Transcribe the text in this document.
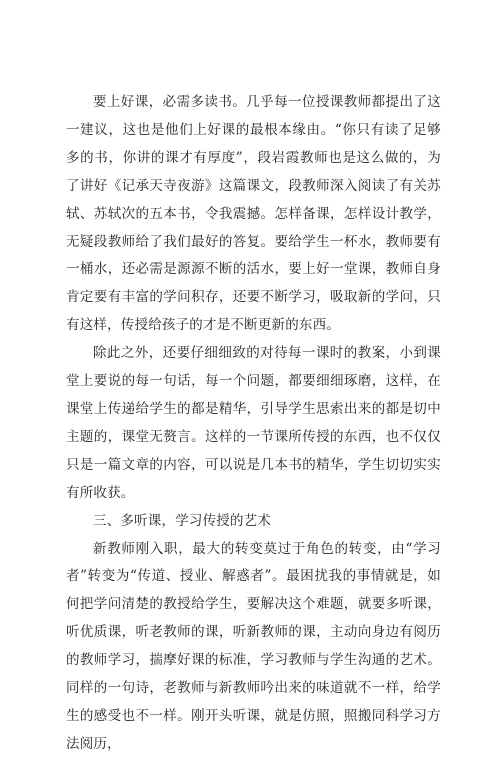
要上好课，必需多读书。几乎每一位授课教师都提出了这一建议，这也是他们上好课的最根本缘由。“你只有读了足够多的书，你讲的课才有厚度”，段岩霞教师也是这么做的，为了讲好《记承天寺夜游》这篇课文，段教师深入阅读了有关苏轼、苏轼次的五本书，令我震撼。怎样备课，怎样设计教学，无疑段教师给了我们最好的答复。要给学生一杯水，教师要有一桶水，还必需是源源不断的活水，要上好一堂课，教师自身肯定要有丰富的学问积存，还要不断学习，吸取新的学问，只有这样，传授给孩子的才是不断更新的东西。

除此之外，还要仔细细致的对待每一课时的教案，小到课堂上要说的每一句话，每一个问题，都要细细琢磨，这样，在课堂上传递给学生的都是精华，引导学生思索出来的都是切中主题的，课堂无赘言。这样的一节课所传授的东西，也不仅仅只是一篇文章的内容，可以说是几本书的精华，学生切切实实有所收获。

三、多听课，学习传授的艺术

新教师刚入职，最大的转变莫过于角色的转变，由“学习者”转变为“传道、授业、解惑者”。最困扰我的事情就是，如何把学问清楚的教授给学生，要解决这个难题，就要多听课，听优质课，听老教师的课，听新教师的课，主动向身边有阅历的教师学习，揣摩好课的标准，学习教师与学生沟通的艺术。同样的一句诗，老教师与新教师吟出来的味道就不一样，给学生的感受也不一样。刚开头听课，就是仿照，照搬同科学习方法阅历，
